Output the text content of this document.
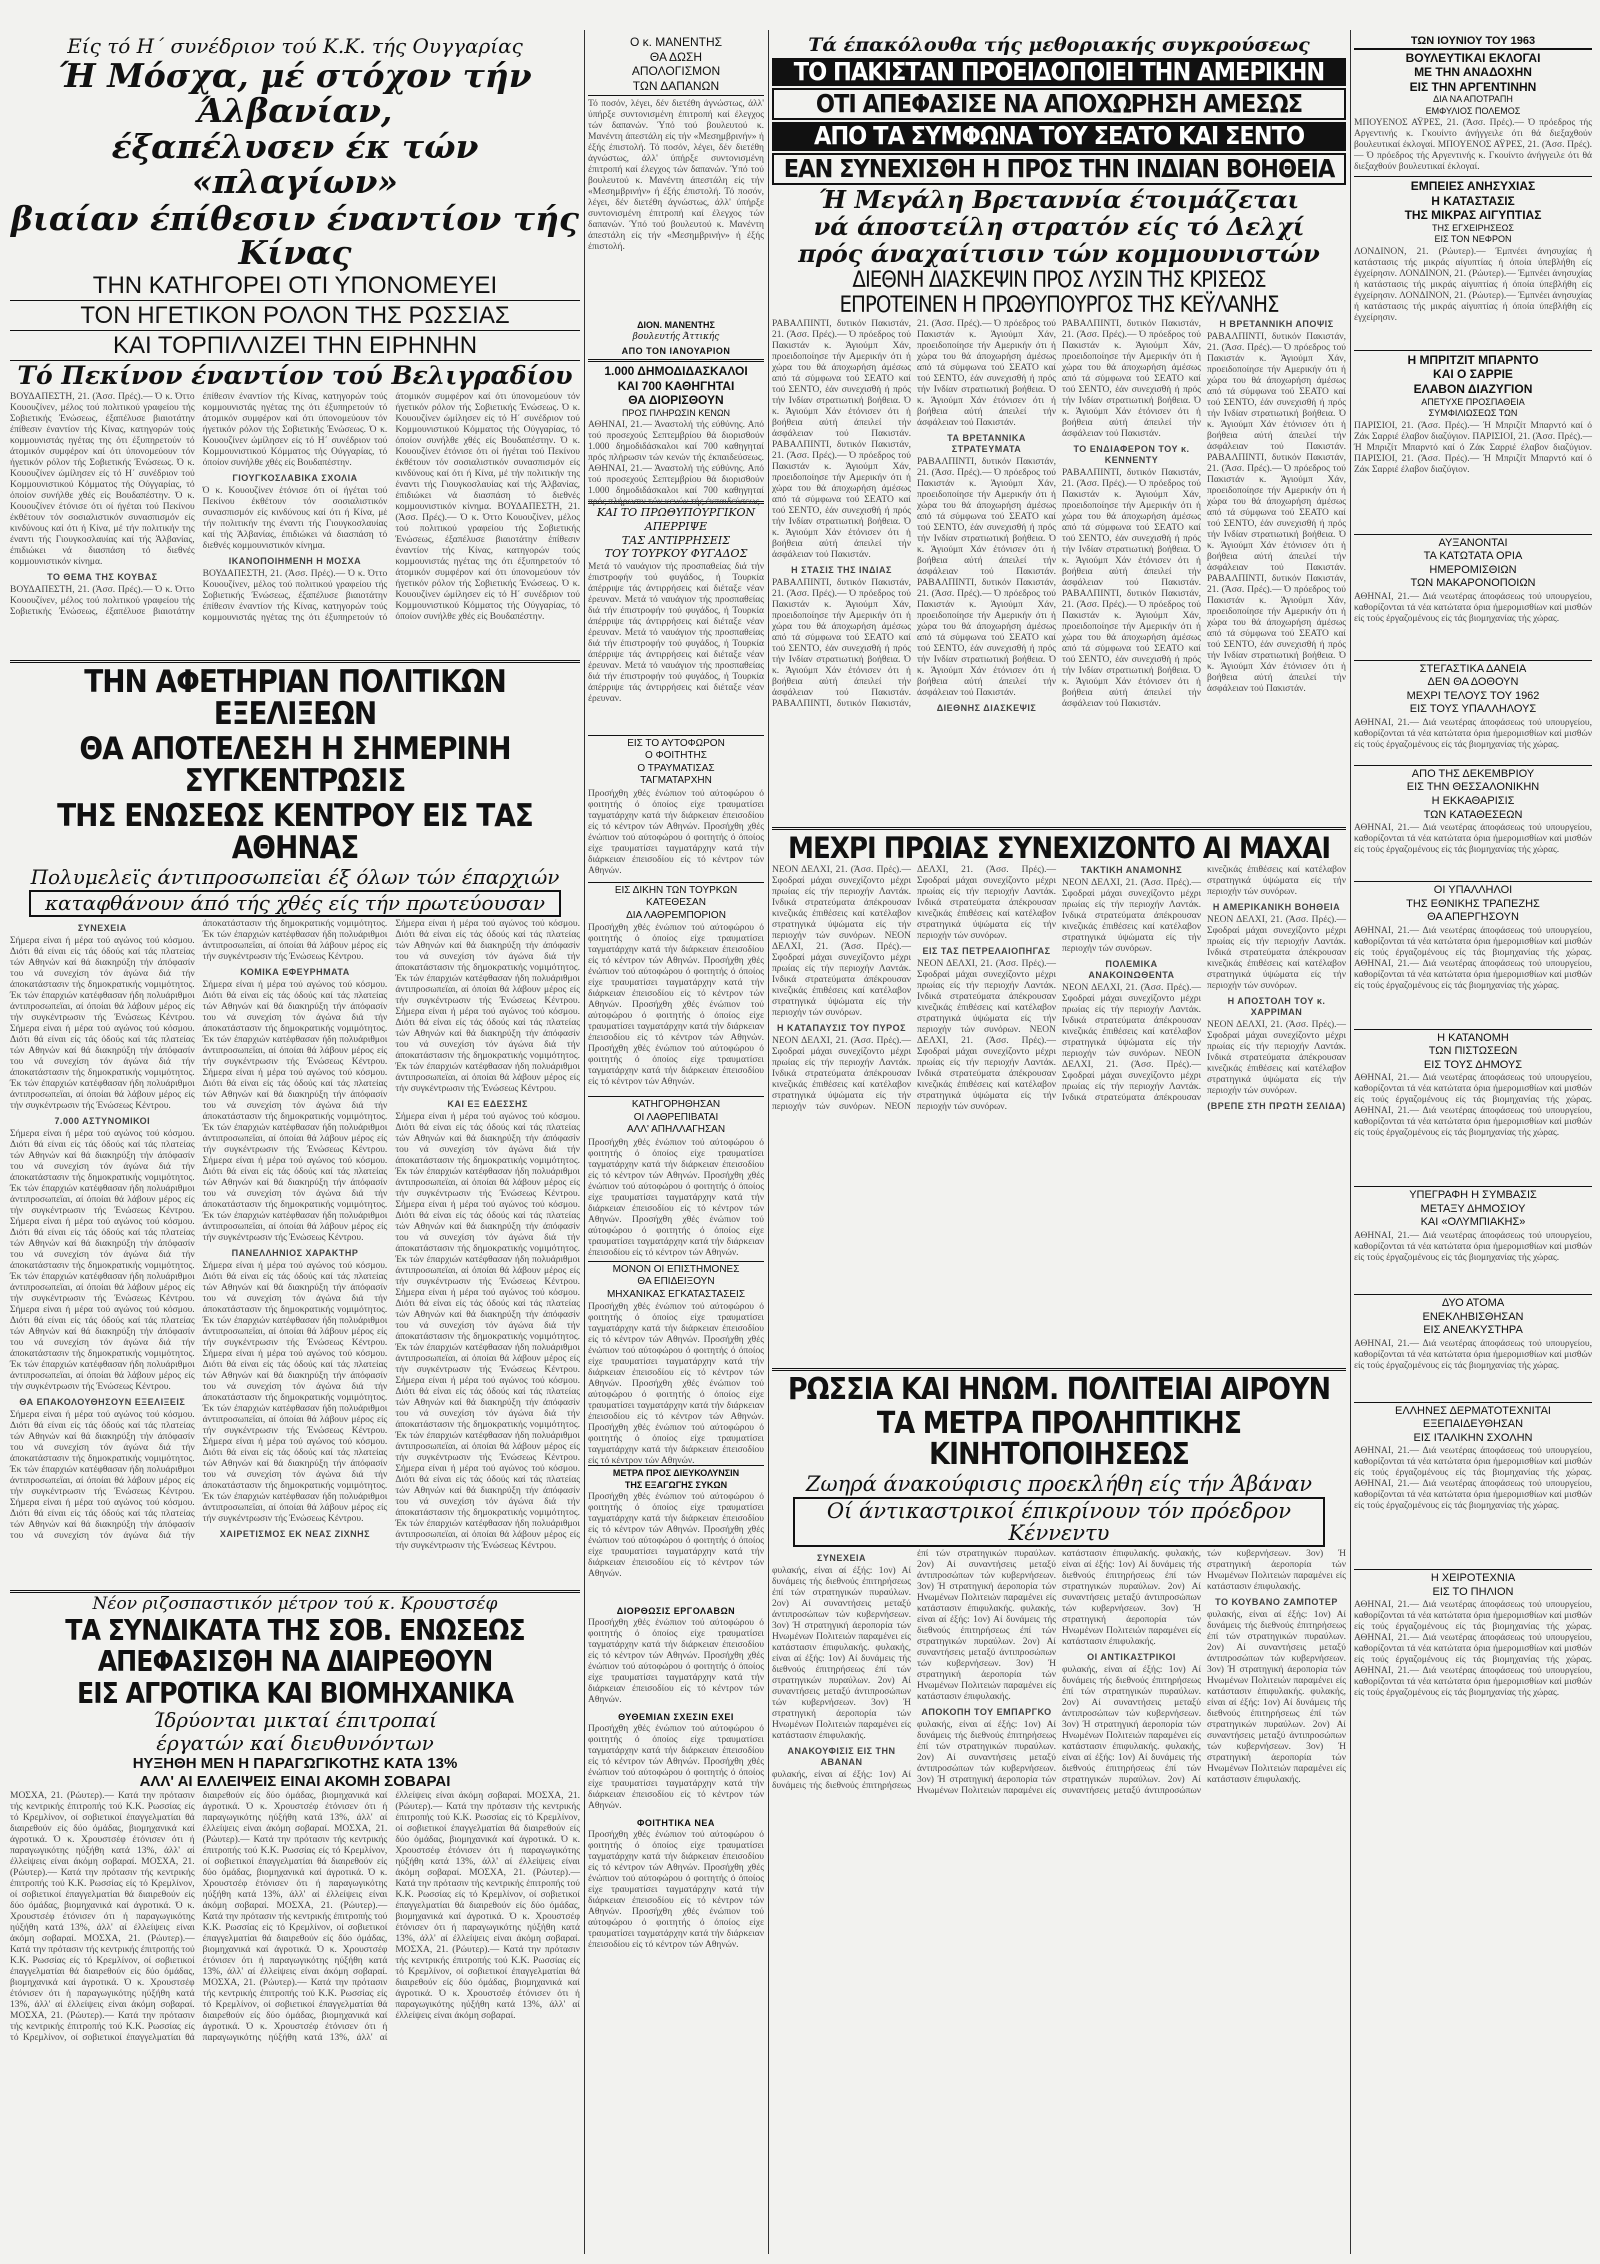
Είς τό Η΄ συνέδριον τού Κ.Κ. τής Ουγγαρίας
Ή Μόσχα, μέ στόχον τήν Άλβανίαν,
έξαπέλυσεν έκ τών «πλαγίων»
βιαίαν έπίθεσιν έναντίον τής Κίνας
ΤΗΝ ΚΑΤΗΓΟΡΕΙ ΟΤΙ ΥΠΟΝΟΜΕΥΕΙ
ΤΟΝ ΗΓΕΤΙΚΟΝ ΡΟΛΟΝ ΤΗΣ ΡΩΣΣΙΑΣ
ΚΑΙ ΤΟΡΠΙΛΛΙΖΕΙ ΤΗΝ ΕΙΡΗΝΗΝ
Τό Πεκίνον έναντίον τού Βελιγραδίου
ΒΟΥΔΑΠΕΣΤΗ, 21. (Άσσ. Πρές).— Ό κ. Όττο Κουουζίνεν, μέλος τού πολιτικού γραφείου τής Σοβιετικής Ένώσεως, έξαπέλυσε βιαιοτάτην έπίθεσιν έναντίον τής Κίνας, κατηγορών τούς κομμουνιστάς ηγέτας της ότι έξυπηρετούν τό άτομικόν συμφέρον καί ότι ύπονομεύουν τόν ήγετικόν ρόλον τής Σοβιετικής Ένώσεως. Ό κ. Κουουζίνεν ώμίλησεν είς τό Η΄ συνέδριον τού Κομμουνιστικού Κόμματος τής Ούγγαρίας, τό όποίον συνήλθε χθές είς Βουδαπέστην. Ό κ. Κουουζίνεν έτόνισε ότι οί ήγέται τού Πεκίνου έκθέτουν τόν σοσιαλιστικόν συνασπισμόν είς κινδύνους καί ότι ή Κίνα, μέ τήν πολιτικήν της έναντι τής Γιουγκοσλαυίας καί τής Άλβανίας, έπιδιώκει νά διασπάση τό διεθνές κομμουνιστικόν κίνημα.
ΤΟ ΘΕΜΑ ΤΗΣ ΚΟΥΒΑΣ
ΒΟΥΔΑΠΕΣΤΗ, 21. (Άσσ. Πρές).— Ό κ. Όττο Κουουζίνεν, μέλος τού πολιτικού γραφείου τής Σοβιετικής Ένώσεως, έξαπέλυσε βιαιοτάτην έπίθεσιν έναντίον τής Κίνας, κατηγορών τούς κομμουνιστάς ηγέτας της ότι έξυπηρετούν τό άτομικόν συμφέρον καί ότι ύπονομεύουν τόν ήγετικόν ρόλον τής Σοβιετικής Ένώσεως. Ό κ. Κουουζίνεν ώμίλησεν είς τό Η΄ συνέδριον τού Κομμουνιστικού Κόμματος τής Ούγγαρίας, τό όποίον συνήλθε χθές είς Βουδαπέστην.
ΓΙΟΥΓΚΟΣΛΑΒΙΚΑ ΣΧΟΛΙΑ
Ό κ. Κουουζίνεν έτόνισε ότι οί ήγέται τού Πεκίνου έκθέτουν τόν σοσιαλιστικόν συνασπισμόν είς κινδύνους καί ότι ή Κίνα, μέ τήν πολιτικήν της έναντι τής Γιουγκοσλαυίας καί τής Άλβανίας, έπιδιώκει νά διασπάση τό διεθνές κομμουνιστικόν κίνημα.
ΙΚΑΝΟΠΟΙΗΜΕΝΗ Η ΜΟΣΧΑ
ΒΟΥΔΑΠΕΣΤΗ, 21. (Άσσ. Πρές).— Ό κ. Όττο Κουουζίνεν, μέλος τού πολιτικού γραφείου τής Σοβιετικής Ένώσεως, έξαπέλυσε βιαιοτάτην έπίθεσιν έναντίον τής Κίνας, κατηγορών τούς κομμουνιστάς ηγέτας της ότι έξυπηρετούν τό άτομικόν συμφέρον καί ότι ύπονομεύουν τόν ήγετικόν ρόλον τής Σοβιετικής Ένώσεως. Ό κ. Κουουζίνεν ώμίλησεν είς τό Η΄ συνέδριον τού Κομμουνιστικού Κόμματος τής Ούγγαρίας, τό όποίον συνήλθε χθές είς Βουδαπέστην. Ό κ. Κουουζίνεν έτόνισε ότι οί ήγέται τού Πεκίνου έκθέτουν τόν σοσιαλιστικόν συνασπισμόν είς κινδύνους καί ότι ή Κίνα, μέ τήν πολιτικήν της έναντι τής Γιουγκοσλαυίας καί τής Άλβανίας, έπιδιώκει νά διασπάση τό διεθνές κομμουνιστικόν κίνημα. ΒΟΥΔΑΠΕΣΤΗ, 21. (Άσσ. Πρές).— Ό κ. Όττο Κουουζίνεν, μέλος τού πολιτικού γραφείου τής Σοβιετικής Ένώσεως, έξαπέλυσε βιαιοτάτην έπίθεσιν έναντίον τής Κίνας, κατηγορών τούς κομμουνιστάς ηγέτας της ότι έξυπηρετούν τό άτομικόν συμφέρον καί ότι ύπονομεύουν τόν ήγετικόν ρόλον τής Σοβιετικής Ένώσεως. Ό κ. Κουουζίνεν ώμίλησεν είς τό Η΄ συνέδριον τού Κομμουνιστικού Κόμματος τής Ούγγαρίας, τό όποίον συνήλθε χθές είς Βουδαπέστην.
ΤΗΝ ΑΦΕΤΗΡΙΑΝ ΠΟΛΙΤΙΚΩΝ ΕΞΕΛΙΞΕΩΝ
ΘΑ ΑΠΟΤΕΛΕΣΗ Η ΣΗΜΕΡΙΝΗ ΣΥΓΚΕΝΤΡΩΣΙΣ
ΤΗΣ ΕΝΩΣΕΩΣ ΚΕΝΤΡΟΥ ΕΙΣ ΤΑΣ ΑΘΗΝΑΣ
Πολυμελεϊς άντιπροσωπεϊαι έξ όλων τών έπαρχιών
καταφθάνουν άπό τής χθές είς τήν πρωτεύουσαν
ΣΥΝΕΧΕΙΑ
Σήμερα είναι ή μέρα τού αγώνος τού κόσμου. Διότι θά είναι είς τάς όδούς καί τάς πλατείας τών Αθηνών καί θά διακηρύξη τήν άπόφασίν του νά συνεχίση τόν άγώνα διά τήν άποκατάστασιν τής δημοκρατικής νομιμότητος. Έκ τών έπαρχιών κατέφθασαν ήδη πολυάριθμοι άντιπροσωπεϊαι, αί όποίαι θά λάβουν μέρος είς τήν συγκέντρωσιν τής Ένώσεως Κέντρου. Σήμερα είναι ή μέρα τού αγώνος τού κόσμου. Διότι θά είναι είς τάς όδούς καί τάς πλατείας τών Αθηνών καί θά διακηρύξη τήν άπόφασίν του νά συνεχίση τόν άγώνα διά τήν άποκατάστασιν τής δημοκρατικής νομιμότητος. Έκ τών έπαρχιών κατέφθασαν ήδη πολυάριθμοι άντιπροσωπεϊαι, αί όποίαι θά λάβουν μέρος είς τήν συγκέντρωσιν τής Ένώσεως Κέντρου.
7.000 ΑΣΤΥΝΟΜΙΚΟΙ
Σήμερα είναι ή μέρα τού αγώνος τού κόσμου. Διότι θά είναι είς τάς όδούς καί τάς πλατείας τών Αθηνών καί θά διακηρύξη τήν άπόφασίν του νά συνεχίση τόν άγώνα διά τήν άποκατάστασιν τής δημοκρατικής νομιμότητος. Έκ τών έπαρχιών κατέφθασαν ήδη πολυάριθμοι άντιπροσωπεϊαι, αί όποίαι θά λάβουν μέρος είς τήν συγκέντρωσιν τής Ένώσεως Κέντρου. Σήμερα είναι ή μέρα τού αγώνος τού κόσμου. Διότι θά είναι είς τάς όδούς καί τάς πλατείας τών Αθηνών καί θά διακηρύξη τήν άπόφασίν του νά συνεχίση τόν άγώνα διά τήν άποκατάστασιν τής δημοκρατικής νομιμότητος. Έκ τών έπαρχιών κατέφθασαν ήδη πολυάριθμοι άντιπροσωπεϊαι, αί όποίαι θά λάβουν μέρος είς τήν συγκέντρωσιν τής Ένώσεως Κέντρου. Σήμερα είναι ή μέρα τού αγώνος τού κόσμου. Διότι θά είναι είς τάς όδούς καί τάς πλατείας τών Αθηνών καί θά διακηρύξη τήν άπόφασίν του νά συνεχίση τόν άγώνα διά τήν άποκατάστασιν τής δημοκρατικής νομιμότητος. Έκ τών έπαρχιών κατέφθασαν ήδη πολυάριθμοι άντιπροσωπεϊαι, αί όποίαι θά λάβουν μέρος είς τήν συγκέντρωσιν τής Ένώσεως Κέντρου.
ΘΑ ΕΠΑΚΟΛΟΥΘΗΣΟΥΝ ΕΞΕΛΙΞΕΙΣ
Σήμερα είναι ή μέρα τού αγώνος τού κόσμου. Διότι θά είναι είς τάς όδούς καί τάς πλατείας τών Αθηνών καί θά διακηρύξη τήν άπόφασίν του νά συνεχίση τόν άγώνα διά τήν άποκατάστασιν τής δημοκρατικής νομιμότητος. Έκ τών έπαρχιών κατέφθασαν ήδη πολυάριθμοι άντιπροσωπεϊαι, αί όποίαι θά λάβουν μέρος είς τήν συγκέντρωσιν τής Ένώσεως Κέντρου. Σήμερα είναι ή μέρα τού αγώνος τού κόσμου. Διότι θά είναι είς τάς όδούς καί τάς πλατείας τών Αθηνών καί θά διακηρύξη τήν άπόφασίν του νά συνεχίση τόν άγώνα διά τήν άποκατάστασιν τής δημοκρατικής νομιμότητος. Έκ τών έπαρχιών κατέφθασαν ήδη πολυάριθμοι άντιπροσωπεϊαι, αί όποίαι θά λάβουν μέρος είς τήν συγκέντρωσιν τής Ένώσεως Κέντρου.
ΚΟΜΙΚΑ ΕΦΕΥΡΗΜΑΤΑ
Σήμερα είναι ή μέρα τού αγώνος τού κόσμου. Διότι θά είναι είς τάς όδούς καί τάς πλατείας τών Αθηνών καί θά διακηρύξη τήν άπόφασίν του νά συνεχίση τόν άγώνα διά τήν άποκατάστασιν τής δημοκρατικής νομιμότητος. Έκ τών έπαρχιών κατέφθασαν ήδη πολυάριθμοι άντιπροσωπεϊαι, αί όποίαι θά λάβουν μέρος είς τήν συγκέντρωσιν τής Ένώσεως Κέντρου. Σήμερα είναι ή μέρα τού αγώνος τού κόσμου. Διότι θά είναι είς τάς όδούς καί τάς πλατείας τών Αθηνών καί θά διακηρύξη τήν άπόφασίν του νά συνεχίση τόν άγώνα διά τήν άποκατάστασιν τής δημοκρατικής νομιμότητος. Έκ τών έπαρχιών κατέφθασαν ήδη πολυάριθμοι άντιπροσωπεϊαι, αί όποίαι θά λάβουν μέρος είς τήν συγκέντρωσιν τής Ένώσεως Κέντρου. Σήμερα είναι ή μέρα τού αγώνος τού κόσμου. Διότι θά είναι είς τάς όδούς καί τάς πλατείας τών Αθηνών καί θά διακηρύξη τήν άπόφασίν του νά συνεχίση τόν άγώνα διά τήν άποκατάστασιν τής δημοκρατικής νομιμότητος. Έκ τών έπαρχιών κατέφθασαν ήδη πολυάριθμοι άντιπροσωπεϊαι, αί όποίαι θά λάβουν μέρος είς τήν συγκέντρωσιν τής Ένώσεως Κέντρου.
ΠΑΝΕΛΛΗΝΙΟΣ ΧΑΡΑΚΤΗΡ
Σήμερα είναι ή μέρα τού αγώνος τού κόσμου. Διότι θά είναι είς τάς όδούς καί τάς πλατείας τών Αθηνών καί θά διακηρύξη τήν άπόφασίν του νά συνεχίση τόν άγώνα διά τήν άποκατάστασιν τής δημοκρατικής νομιμότητος. Έκ τών έπαρχιών κατέφθασαν ήδη πολυάριθμοι άντιπροσωπεϊαι, αί όποίαι θά λάβουν μέρος είς τήν συγκέντρωσιν τής Ένώσεως Κέντρου. Σήμερα είναι ή μέρα τού αγώνος τού κόσμου. Διότι θά είναι είς τάς όδούς καί τάς πλατείας τών Αθηνών καί θά διακηρύξη τήν άπόφασίν του νά συνεχίση τόν άγώνα διά τήν άποκατάστασιν τής δημοκρατικής νομιμότητος. Έκ τών έπαρχιών κατέφθασαν ήδη πολυάριθμοι άντιπροσωπεϊαι, αί όποίαι θά λάβουν μέρος είς τήν συγκέντρωσιν τής Ένώσεως Κέντρου. Σήμερα είναι ή μέρα τού αγώνος τού κόσμου. Διότι θά είναι είς τάς όδούς καί τάς πλατείας τών Αθηνών καί θά διακηρύξη τήν άπόφασίν του νά συνεχίση τόν άγώνα διά τήν άποκατάστασιν τής δημοκρατικής νομιμότητος. Έκ τών έπαρχιών κατέφθασαν ήδη πολυάριθμοι άντιπροσωπεϊαι, αί όποίαι θά λάβουν μέρος είς τήν συγκέντρωσιν τής Ένώσεως Κέντρου.
ΧΑΙΡΕΤΙΣΜΟΣ ΕΚ ΝΕΑΣ ΖΙΧΝΗΣ
Σήμερα είναι ή μέρα τού αγώνος τού κόσμου. Διότι θά είναι είς τάς όδούς καί τάς πλατείας τών Αθηνών καί θά διακηρύξη τήν άπόφασίν του νά συνεχίση τόν άγώνα διά τήν άποκατάστασιν τής δημοκρατικής νομιμότητος. Έκ τών έπαρχιών κατέφθασαν ήδη πολυάριθμοι άντιπροσωπεϊαι, αί όποίαι θά λάβουν μέρος είς τήν συγκέντρωσιν τής Ένώσεως Κέντρου. Σήμερα είναι ή μέρα τού αγώνος τού κόσμου. Διότι θά είναι είς τάς όδούς καί τάς πλατείας τών Αθηνών καί θά διακηρύξη τήν άπόφασίν του νά συνεχίση τόν άγώνα διά τήν άποκατάστασιν τής δημοκρατικής νομιμότητος. Έκ τών έπαρχιών κατέφθασαν ήδη πολυάριθμοι άντιπροσωπεϊαι, αί όποίαι θά λάβουν μέρος είς τήν συγκέντρωσιν τής Ένώσεως Κέντρου.
ΚΑΙ ΕΞ ΕΔΕΣΣΗΣ
Σήμερα είναι ή μέρα τού αγώνος τού κόσμου. Διότι θά είναι είς τάς όδούς καί τάς πλατείας τών Αθηνών καί θά διακηρύξη τήν άπόφασίν του νά συνεχίση τόν άγώνα διά τήν άποκατάστασιν τής δημοκρατικής νομιμότητος. Έκ τών έπαρχιών κατέφθασαν ήδη πολυάριθμοι άντιπροσωπεϊαι, αί όποίαι θά λάβουν μέρος είς τήν συγκέντρωσιν τής Ένώσεως Κέντρου. Σήμερα είναι ή μέρα τού αγώνος τού κόσμου. Διότι θά είναι είς τάς όδούς καί τάς πλατείας τών Αθηνών καί θά διακηρύξη τήν άπόφασίν του νά συνεχίση τόν άγώνα διά τήν άποκατάστασιν τής δημοκρατικής νομιμότητος. Έκ τών έπαρχιών κατέφθασαν ήδη πολυάριθμοι άντιπροσωπεϊαι, αί όποίαι θά λάβουν μέρος είς τήν συγκέντρωσιν τής Ένώσεως Κέντρου. Σήμερα είναι ή μέρα τού αγώνος τού κόσμου. Διότι θά είναι είς τάς όδούς καί τάς πλατείας τών Αθηνών καί θά διακηρύξη τήν άπόφασίν του νά συνεχίση τόν άγώνα διά τήν άποκατάστασιν τής δημοκρατικής νομιμότητος. Έκ τών έπαρχιών κατέφθασαν ήδη πολυάριθμοι άντιπροσωπεϊαι, αί όποίαι θά λάβουν μέρος είς τήν συγκέντρωσιν τής Ένώσεως Κέντρου. Σήμερα είναι ή μέρα τού αγώνος τού κόσμου. Διότι θά είναι είς τάς όδούς καί τάς πλατείας τών Αθηνών καί θά διακηρύξη τήν άπόφασίν του νά συνεχίση τόν άγώνα διά τήν άποκατάστασιν τής δημοκρατικής νομιμότητος. Έκ τών έπαρχιών κατέφθασαν ήδη πολυάριθμοι άντιπροσωπεϊαι, αί όποίαι θά λάβουν μέρος είς τήν συγκέντρωσιν τής Ένώσεως Κέντρου. Σήμερα είναι ή μέρα τού αγώνος τού κόσμου. Διότι θά είναι είς τάς όδούς καί τάς πλατείας τών Αθηνών καί θά διακηρύξη τήν άπόφασίν του νά συνεχίση τόν άγώνα διά τήν άποκατάστασιν τής δημοκρατικής νομιμότητος. Έκ τών έπαρχιών κατέφθασαν ήδη πολυάριθμοι άντιπροσωπεϊαι, αί όποίαι θά λάβουν μέρος είς τήν συγκέντρωσιν τής Ένώσεως Κέντρου.
Νέον ριζοσπαστικόν μέτρον τού κ. Κρουστσέφ
ΤΑ ΣΥΝΔΙΚΑΤΑ ΤΗΣ ΣΟΒ. ΕΝΩΣΕΩΣ
ΑΠΕΦΑΣΙΣΘΗ ΝΑ ΔΙΑΙΡΕΘΟΥΝ
ΕΙΣ ΑΓΡΟΤΙΚΑ ΚΑΙ ΒΙΟΜΗΧΑΝΙΚΑ
Ίδρύονται μικταί έπιτροπαί
έργατών καί διευθυνόντων
ΗΥΞΗΘΗ ΜΕΝ Η ΠΑΡΑΓΩΓΙΚΟΤΗΣ ΚΑΤΑ 13%
ΑΛΛ' ΑΙ ΕΛΛΕΙΨΕΙΣ ΕΙΝΑΙ ΑΚΟΜΗ ΣΟΒΑΡΑΙ
ΜΟΣΧΑ, 21. (Ρώυτερ).— Κατά την πρότασιν τής κεντρικής έπιτροπής τού Κ.Κ. Ρωσσίας είς τό Κρεμλίνον, οί σοβιετικοί έπαγγελματίαι θά διαιρεθούν είς δύο όμάδας, βιομηχανικά καί άγροτικά. Ό κ. Χρουστσέφ έτόνισεν ότι ή παραγωγικότης ηύξήθη κατά 13%, άλλ' αί έλλείψεις είναι άκόμη σοβαραί. ΜΟΣΧΑ, 21. (Ρώυτερ).— Κατά την πρότασιν τής κεντρικής έπιτροπής τού Κ.Κ. Ρωσσίας είς τό Κρεμλίνον, οί σοβιετικοί έπαγγελματίαι θά διαιρεθούν είς δύο όμάδας, βιομηχανικά καί άγροτικά. Ό κ. Χρουστσέφ έτόνισεν ότι ή παραγωγικότης ηύξήθη κατά 13%, άλλ' αί έλλείψεις είναι άκόμη σοβαραί. ΜΟΣΧΑ, 21. (Ρώυτερ).— Κατά την πρότασιν τής κεντρικής έπιτροπής τού Κ.Κ. Ρωσσίας είς τό Κρεμλίνον, οί σοβιετικοί έπαγγελματίαι θά διαιρεθούν είς δύο όμάδας, βιομηχανικά καί άγροτικά. Ό κ. Χρουστσέφ έτόνισεν ότι ή παραγωγικότης ηύξήθη κατά 13%, άλλ' αί έλλείψεις είναι άκόμη σοβαραί. ΜΟΣΧΑ, 21. (Ρώυτερ).— Κατά την πρότασιν τής κεντρικής έπιτροπής τού Κ.Κ. Ρωσσίας είς τό Κρεμλίνον, οί σοβιετικοί έπαγγελματίαι θά διαιρεθούν είς δύο όμάδας, βιομηχανικά καί άγροτικά. Ό κ. Χρουστσέφ έτόνισεν ότι ή παραγωγικότης ηύξήθη κατά 13%, άλλ' αί έλλείψεις είναι άκόμη σοβαραί. ΜΟΣΧΑ, 21. (Ρώυτερ).— Κατά την πρότασιν τής κεντρικής έπιτροπής τού Κ.Κ. Ρωσσίας είς τό Κρεμλίνον, οί σοβιετικοί έπαγγελματίαι θά διαιρεθούν είς δύο όμάδας, βιομηχανικά καί άγροτικά. Ό κ. Χρουστσέφ έτόνισεν ότι ή παραγωγικότης ηύξήθη κατά 13%, άλλ' αί έλλείψεις είναι άκόμη σοβαραί. ΜΟΣΧΑ, 21. (Ρώυτερ).— Κατά την πρότασιν τής κεντρικής έπιτροπής τού Κ.Κ. Ρωσσίας είς τό Κρεμλίνον, οί σοβιετικοί έπαγγελματίαι θά διαιρεθούν είς δύο όμάδας, βιομηχανικά καί άγροτικά. Ό κ. Χρουστσέφ έτόνισεν ότι ή παραγωγικότης ηύξήθη κατά 13%, άλλ' αί έλλείψεις είναι άκόμη σοβαραί. ΜΟΣΧΑ, 21. (Ρώυτερ).— Κατά την πρότασιν τής κεντρικής έπιτροπής τού Κ.Κ. Ρωσσίας είς τό Κρεμλίνον, οί σοβιετικοί έπαγγελματίαι θά διαιρεθούν είς δύο όμάδας, βιομηχανικά καί άγροτικά. Ό κ. Χρουστσέφ έτόνισεν ότι ή παραγωγικότης ηύξήθη κατά 13%, άλλ' αί έλλείψεις είναι άκόμη σοβαραί. ΜΟΣΧΑ, 21. (Ρώυτερ).— Κατά την πρότασιν τής κεντρικής έπιτροπής τού Κ.Κ. Ρωσσίας είς τό Κρεμλίνον, οί σοβιετικοί έπαγγελματίαι θά διαιρεθούν είς δύο όμάδας, βιομηχανικά καί άγροτικά. Ό κ. Χρουστσέφ έτόνισεν ότι ή παραγωγικότης ηύξήθη κατά 13%, άλλ' αί έλλείψεις είναι άκόμη σοβαραί. ΜΟΣΧΑ, 21. (Ρώυτερ).— Κατά την πρότασιν τής κεντρικής έπιτροπής τού Κ.Κ. Ρωσσίας είς τό Κρεμλίνον, οί σοβιετικοί έπαγγελματίαι θά διαιρεθούν είς δύο όμάδας, βιομηχανικά καί άγροτικά. Ό κ. Χρουστσέφ έτόνισεν ότι ή παραγωγικότης ηύξήθη κατά 13%, άλλ' αί έλλείψεις είναι άκόμη σοβαραί. ΜΟΣΧΑ, 21. (Ρώυτερ).— Κατά την πρότασιν τής κεντρικής έπιτροπής τού Κ.Κ. Ρωσσίας είς τό Κρεμλίνον, οί σοβιετικοί έπαγγελματίαι θά διαιρεθούν είς δύο όμάδας, βιομηχανικά καί άγροτικά. Ό κ. Χρουστσέφ έτόνισεν ότι ή παραγωγικότης ηύξήθη κατά 13%, άλλ' αί έλλείψεις είναι άκόμη σοβαραί.
Ο κ. ΜΑΝΕΝΤΗΣ
ΘΑ ΔΩΣΗ
ΑΠΟΛΟΓΙΣΜΟΝ
ΤΩΝ ΔΑΠΑΝΩΝ
Τό ποσόν, λέγει, δέν διετέθη άγνώστως, άλλ' ύπήρξε συντονισμένη έπιτροπή καί έλεγχος τών δαπανών. Ύπό τού βουλευτού κ. Μανέντη άπεστάλη είς τήν «Μεσημβρινήν» ή έξής έπιστολή. Τό ποσόν, λέγει, δέν διετέθη άγνώστως, άλλ' ύπήρξε συντονισμένη έπιτροπή καί έλεγχος τών δαπανών. Ύπό τού βουλευτού κ. Μανέντη άπεστάλη είς τήν «Μεσημβρινήν» ή έξής έπιστολή. Τό ποσόν, λέγει, δέν διετέθη άγνώστως, άλλ' ύπήρξε συντονισμένη έπιτροπή καί έλεγχος τών δαπανών. Ύπό τού βουλευτού κ. Μανέντη άπεστάλη είς τήν «Μεσημβρινήν» ή έξής έπιστολή.
ΔΙΟΝ. ΜΑΝΕΝΤΗΣ
βουλευτής Άττικής
ΑΠΟ ΤΟΝ ΙΑΝΟΥΑΡΙΟΝ
1.000 ΔΗΜΟΔΙΔΑΣΚΑΛΟΙ
ΚΑΙ 700 ΚΑΘΗΓΗΤΑΙ
ΘΑ ΔΙΟΡΙΣΘΟΥΝ
ΠΡΟΣ ΠΛΗΡΩΣΙΝ ΚΕΝΩΝ
ΑΘΗΝΑΙ, 21.— Άναστολή τής εύθύνης. Από τού προσεχούς Σεπτεμβρίου θά διορισθούν 1.000 δημοδιδάσκαλοι καί 700 καθηγηταί πρός πλήρωσιν τών κενών τής έκπαιδεύσεως. ΑΘΗΝΑΙ, 21.— Άναστολή τής εύθύνης. Από τού προσεχούς Σεπτεμβρίου θά διορισθούν 1.000 δημοδιδάσκαλοι καί 700 καθηγηταί πρός πλήρωσιν τών κενών τής έκπαιδεύσεως.
ΚΑΙ ΤΟ ΠΡΩΘΥΠΟΥΡΓΙΚΟΝ
ΑΠΕΡΡΙΨΕ
ΤΑΣ ΑΝΤΙΡΡΗΣΕΙΣ
ΤΟΥ ΤΟΥΡΚΟΥ ΦΥΓΑΔΟΣ
Μετά τό ναυάγιον τής προσπαθείας διά τήν έπιστροφήν τού φυγάδος, ή Τουρκία άπέρριψε τάς άντιρρήσεις καί διέταξε νέαν έρευναν. Μετά τό ναυάγιον τής προσπαθείας διά τήν έπιστροφήν τού φυγάδος, ή Τουρκία άπέρριψε τάς άντιρρήσεις καί διέταξε νέαν έρευναν. Μετά τό ναυάγιον τής προσπαθείας διά τήν έπιστροφήν τού φυγάδος, ή Τουρκία άπέρριψε τάς άντιρρήσεις καί διέταξε νέαν έρευναν. Μετά τό ναυάγιον τής προσπαθείας διά τήν έπιστροφήν τού φυγάδος, ή Τουρκία άπέρριψε τάς άντιρρήσεις καί διέταξε νέαν έρευναν.
ΕΙΣ ΤΟ ΑΥΤΟΦΩΡΟΝ
Ο ΦΟΙΤΗΤΗΣ
Ο ΤΡΑΥΜΑΤΙΣΑΣ
ΤΑΓΜΑΤΑΡΧΗΝ
Προσήχθη χθές ένώπιον τού αύτοφώρου ό φοιτητής ό όποίος είχε τραυματίσει ταγματάρχην κατά τήν διάρκειαν έπεισοδίου είς τό κέντρον τών Αθηνών. Προσήχθη χθές ένώπιον τού αύτοφώρου ό φοιτητής ό όποίος είχε τραυματίσει ταγματάρχην κατά τήν διάρκειαν έπεισοδίου είς τό κέντρον τών Αθηνών.
ΕΙΣ ΔΙΚΗΝ ΤΩΝ ΤΟΥΡΚΩΝ
ΚΑΤΕΘΕΣΑΝ
ΔΙΑ ΛΑΘΡΕΜΠΟΡΙΟΝ
Προσήχθη χθές ένώπιον τού αύτοφώρου ό φοιτητής ό όποίος είχε τραυματίσει ταγματάρχην κατά τήν διάρκειαν έπεισοδίου είς τό κέντρον τών Αθηνών. Προσήχθη χθές ένώπιον τού αύτοφώρου ό φοιτητής ό όποίος είχε τραυματίσει ταγματάρχην κατά τήν διάρκειαν έπεισοδίου είς τό κέντρον τών Αθηνών. Προσήχθη χθές ένώπιον τού αύτοφώρου ό φοιτητής ό όποίος είχε τραυματίσει ταγματάρχην κατά τήν διάρκειαν έπεισοδίου είς τό κέντρον τών Αθηνών. Προσήχθη χθές ένώπιον τού αύτοφώρου ό φοιτητής ό όποίος είχε τραυματίσει ταγματάρχην κατά τήν διάρκειαν έπεισοδίου είς τό κέντρον τών Αθηνών.
ΚΑΤΗΓΟΡΗΘΗΣΑΝ
ΟΙ ΛΑΘΡΕΠΙΒΑΤΑΙ
ΑΛΛ' ΑΠΗΛΛΑΓΗΣΑΝ
Προσήχθη χθές ένώπιον τού αύτοφώρου ό φοιτητής ό όποίος είχε τραυματίσει ταγματάρχην κατά τήν διάρκειαν έπεισοδίου είς τό κέντρον τών Αθηνών. Προσήχθη χθές ένώπιον τού αύτοφώρου ό φοιτητής ό όποίος είχε τραυματίσει ταγματάρχην κατά τήν διάρκειαν έπεισοδίου είς τό κέντρον τών Αθηνών. Προσήχθη χθές ένώπιον τού αύτοφώρου ό φοιτητής ό όποίος είχε τραυματίσει ταγματάρχην κατά τήν διάρκειαν έπεισοδίου είς τό κέντρον τών Αθηνών.
ΜΟΝΟΝ ΟΙ ΕΠΙΣΤΗΜΟΝΕΣ
ΘΑ ΕΠΙΔΕΙΞΟΥΝ
ΜΗΧΑΝΙΚΑΣ ΕΓΚΑΤΑΣΤΑΣΕΙΣ
Προσήχθη χθές ένώπιον τού αύτοφώρου ό φοιτητής ό όποίος είχε τραυματίσει ταγματάρχην κατά τήν διάρκειαν έπεισοδίου είς τό κέντρον τών Αθηνών. Προσήχθη χθές ένώπιον τού αύτοφώρου ό φοιτητής ό όποίος είχε τραυματίσει ταγματάρχην κατά τήν διάρκειαν έπεισοδίου είς τό κέντρον τών Αθηνών. Προσήχθη χθές ένώπιον τού αύτοφώρου ό φοιτητής ό όποίος είχε τραυματίσει ταγματάρχην κατά τήν διάρκειαν έπεισοδίου είς τό κέντρον τών Αθηνών. Προσήχθη χθές ένώπιον τού αύτοφώρου ό φοιτητής ό όποίος είχε τραυματίσει ταγματάρχην κατά τήν διάρκειαν έπεισοδίου είς τό κέντρον τών Αθηνών.
ΜΕΤΡΑ ΠΡΟΣ ΔΙΕΥΚΟΛΥΝΣΙΝ
ΤΗΣ ΕΞΑΓΩΓΗΣ ΣΥΚΩΝ
Προσήχθη χθές ένώπιον τού αύτοφώρου ό φοιτητής ό όποίος είχε τραυματίσει ταγματάρχην κατά τήν διάρκειαν έπεισοδίου είς τό κέντρον τών Αθηνών. Προσήχθη χθές ένώπιον τού αύτοφώρου ό φοιτητής ό όποίος είχε τραυματίσει ταγματάρχην κατά τήν διάρκειαν έπεισοδίου είς τό κέντρον τών Αθηνών.
ΔΙΟΡΘΩΣΙΣ ΕΡΓΟΛΑΒΩΝ
Προσήχθη χθές ένώπιον τού αύτοφώρου ό φοιτητής ό όποίος είχε τραυματίσει ταγματάρχην κατά τήν διάρκειαν έπεισοδίου είς τό κέντρον τών Αθηνών. Προσήχθη χθές ένώπιον τού αύτοφώρου ό φοιτητής ό όποίος είχε τραυματίσει ταγματάρχην κατά τήν διάρκειαν έπεισοδίου είς τό κέντρον τών Αθηνών.
ΘΥΘΕΜΙΑΝ ΣΧΕΣΙΝ ΕΧΕΙ
Προσήχθη χθές ένώπιον τού αύτοφώρου ό φοιτητής ό όποίος είχε τραυματίσει ταγματάρχην κατά τήν διάρκειαν έπεισοδίου είς τό κέντρον τών Αθηνών. Προσήχθη χθές ένώπιον τού αύτοφώρου ό φοιτητής ό όποίος είχε τραυματίσει ταγματάρχην κατά τήν διάρκειαν έπεισοδίου είς τό κέντρον τών Αθηνών.
ΦΟΙΤΗΤΙΚΑ ΝΕΑ
Προσήχθη χθές ένώπιον τού αύτοφώρου ό φοιτητής ό όποίος είχε τραυματίσει ταγματάρχην κατά τήν διάρκειαν έπεισοδίου είς τό κέντρον τών Αθηνών. Προσήχθη χθές ένώπιον τού αύτοφώρου ό φοιτητής ό όποίος είχε τραυματίσει ταγματάρχην κατά τήν διάρκειαν έπεισοδίου είς τό κέντρον τών Αθηνών. Προσήχθη χθές ένώπιον τού αύτοφώρου ό φοιτητής ό όποίος είχε τραυματίσει ταγματάρχην κατά τήν διάρκειαν έπεισοδίου είς τό κέντρον τών Αθηνών.
Τά έπακόλουθα τής μεθοριακής συγκρούσεως
ΤΟ ΠΑΚΙΣΤΑΝ ΠΡΟΕΙΔΟΠΟΙΕΙ ΤΗΝ ΑΜΕΡΙΚΗΝ
ΟΤΙ ΑΠΕΦΑΣΙΣΕ ΝΑ ΑΠΟΧΩΡΗΣΗ ΑΜΕΣΩΣ
ΑΠΟ ΤΑ ΣΥΜΦΩΝΑ ΤΟΥ ΣΕΑΤΟ ΚΑΙ ΣΕΝΤΟ
ΕΑΝ ΣΥΝΕΧΙΣΘΗ Η ΠΡΟΣ ΤΗΝ ΙΝΔΙΑΝ ΒΟΗΘΕΙΑ
Ή Μεγάλη Βρεταννία έτοιμάζεται
νά άποστείλη στρατόν είς τό Δελχί
πρός άναχαίτισιν τών κομμουνιστών
ΔΙΕΘΝΗ ΔΙΑΣΚΕΨΙΝ ΠΡΟΣ ΛΥΣΙΝ ΤΗΣ ΚΡΙΣΕΩΣ
ΕΠΡΟΤΕΙΝΕΝ Η ΠΡΩΘΥΠΟΥΡΓΟΣ ΤΗΣ ΚΕΫΛΑΝΗΣ
ΡΑΒΑΛΠΙΝΤΙ, δυτικόν Πακιστάν, 21. (Άσσ. Πρές).— Ό πρόεδρος τού Πακιστάν κ. Άγιούμπ Χάν, προειδοποίησε τήν Αμερικήν ότι ή χώρα του θά άποχωρήση άμέσως από τά σύμφωνα τού ΣΕΑΤΟ καί τού ΣΕΝΤΟ, έάν συνεχισθή ή πρός τήν Ινδίαν στρατιωτική βοήθεια. Ό κ. Άγιούμπ Χάν έτόνισεν ότι ή βοήθεια αύτή άπειλεί τήν άσφάλειαν τού Πακιστάν. ΡΑΒΑΛΠΙΝΤΙ, δυτικόν Πακιστάν, 21. (Άσσ. Πρές).— Ό πρόεδρος τού Πακιστάν κ. Άγιούμπ Χάν, προειδοποίησε τήν Αμερικήν ότι ή χώρα του θά άποχωρήση άμέσως από τά σύμφωνα τού ΣΕΑΤΟ καί τού ΣΕΝΤΟ, έάν συνεχισθή ή πρός τήν Ινδίαν στρατιωτική βοήθεια. Ό κ. Άγιούμπ Χάν έτόνισεν ότι ή βοήθεια αύτή άπειλεί τήν άσφάλειαν τού Πακιστάν.
Η ΣΤΑΣΙΣ ΤΗΣ ΙΝΔΙΑΣ
ΡΑΒΑΛΠΙΝΤΙ, δυτικόν Πακιστάν, 21. (Άσσ. Πρές).— Ό πρόεδρος τού Πακιστάν κ. Άγιούμπ Χάν, προειδοποίησε τήν Αμερικήν ότι ή χώρα του θά άποχωρήση άμέσως από τά σύμφωνα τού ΣΕΑΤΟ καί τού ΣΕΝΤΟ, έάν συνεχισθή ή πρός τήν Ινδίαν στρατιωτική βοήθεια. Ό κ. Άγιούμπ Χάν έτόνισεν ότι ή βοήθεια αύτή άπειλεί τήν άσφάλειαν τού Πακιστάν. ΡΑΒΑΛΠΙΝΤΙ, δυτικόν Πακιστάν, 21. (Άσσ. Πρές).— Ό πρόεδρος τού Πακιστάν κ. Άγιούμπ Χάν, προειδοποίησε τήν Αμερικήν ότι ή χώρα του θά άποχωρήση άμέσως από τά σύμφωνα τού ΣΕΑΤΟ καί τού ΣΕΝΤΟ, έάν συνεχισθή ή πρός τήν Ινδίαν στρατιωτική βοήθεια. Ό κ. Άγιούμπ Χάν έτόνισεν ότι ή βοήθεια αύτή άπειλεί τήν άσφάλειαν τού Πακιστάν.
ΤΑ ΒΡΕΤΑΝΝΙΚΑ ΣΤΡΑΤΕΥΜΑΤΑ
ΡΑΒΑΛΠΙΝΤΙ, δυτικόν Πακιστάν, 21. (Άσσ. Πρές).— Ό πρόεδρος τού Πακιστάν κ. Άγιούμπ Χάν, προειδοποίησε τήν Αμερικήν ότι ή χώρα του θά άποχωρήση άμέσως από τά σύμφωνα τού ΣΕΑΤΟ καί τού ΣΕΝΤΟ, έάν συνεχισθή ή πρός τήν Ινδίαν στρατιωτική βοήθεια. Ό κ. Άγιούμπ Χάν έτόνισεν ότι ή βοήθεια αύτή άπειλεί τήν άσφάλειαν τού Πακιστάν. ΡΑΒΑΛΠΙΝΤΙ, δυτικόν Πακιστάν, 21. (Άσσ. Πρές).— Ό πρόεδρος τού Πακιστάν κ. Άγιούμπ Χάν, προειδοποίησε τήν Αμερικήν ότι ή χώρα του θά άποχωρήση άμέσως από τά σύμφωνα τού ΣΕΑΤΟ καί τού ΣΕΝΤΟ, έάν συνεχισθή ή πρός τήν Ινδίαν στρατιωτική βοήθεια. Ό κ. Άγιούμπ Χάν έτόνισεν ότι ή βοήθεια αύτή άπειλεί τήν άσφάλειαν τού Πακιστάν.
ΔΙΕΘΝΗΣ ΔΙΑΣΚΕΨΙΣ
ΡΑΒΑΛΠΙΝΤΙ, δυτικόν Πακιστάν, 21. (Άσσ. Πρές).— Ό πρόεδρος τού Πακιστάν κ. Άγιούμπ Χάν, προειδοποίησε τήν Αμερικήν ότι ή χώρα του θά άποχωρήση άμέσως από τά σύμφωνα τού ΣΕΑΤΟ καί τού ΣΕΝΤΟ, έάν συνεχισθή ή πρός τήν Ινδίαν στρατιωτική βοήθεια. Ό κ. Άγιούμπ Χάν έτόνισεν ότι ή βοήθεια αύτή άπειλεί τήν άσφάλειαν τού Πακιστάν.
ΤΟ ΕΝΔΙΑΦΕΡΟΝ ΤΟΥ κ. ΚΕΝΝΕΝΤΥ
ΡΑΒΑΛΠΙΝΤΙ, δυτικόν Πακιστάν, 21. (Άσσ. Πρές).— Ό πρόεδρος τού Πακιστάν κ. Άγιούμπ Χάν, προειδοποίησε τήν Αμερικήν ότι ή χώρα του θά άποχωρήση άμέσως από τά σύμφωνα τού ΣΕΑΤΟ καί τού ΣΕΝΤΟ, έάν συνεχισθή ή πρός τήν Ινδίαν στρατιωτική βοήθεια. Ό κ. Άγιούμπ Χάν έτόνισεν ότι ή βοήθεια αύτή άπειλεί τήν άσφάλειαν τού Πακιστάν. ΡΑΒΑΛΠΙΝΤΙ, δυτικόν Πακιστάν, 21. (Άσσ. Πρές).— Ό πρόεδρος τού Πακιστάν κ. Άγιούμπ Χάν, προειδοποίησε τήν Αμερικήν ότι ή χώρα του θά άποχωρήση άμέσως από τά σύμφωνα τού ΣΕΑΤΟ καί τού ΣΕΝΤΟ, έάν συνεχισθή ή πρός τήν Ινδίαν στρατιωτική βοήθεια. Ό κ. Άγιούμπ Χάν έτόνισεν ότι ή βοήθεια αύτή άπειλεί τήν άσφάλειαν τού Πακιστάν.
Η ΒΡΕΤΑΝΝΙΚΗ ΑΠΟΨΙΣ
ΡΑΒΑΛΠΙΝΤΙ, δυτικόν Πακιστάν, 21. (Άσσ. Πρές).— Ό πρόεδρος τού Πακιστάν κ. Άγιούμπ Χάν, προειδοποίησε τήν Αμερικήν ότι ή χώρα του θά άποχωρήση άμέσως από τά σύμφωνα τού ΣΕΑΤΟ καί τού ΣΕΝΤΟ, έάν συνεχισθή ή πρός τήν Ινδίαν στρατιωτική βοήθεια. Ό κ. Άγιούμπ Χάν έτόνισεν ότι ή βοήθεια αύτή άπειλεί τήν άσφάλειαν τού Πακιστάν. ΡΑΒΑΛΠΙΝΤΙ, δυτικόν Πακιστάν, 21. (Άσσ. Πρές).— Ό πρόεδρος τού Πακιστάν κ. Άγιούμπ Χάν, προειδοποίησε τήν Αμερικήν ότι ή χώρα του θά άποχωρήση άμέσως από τά σύμφωνα τού ΣΕΑΤΟ καί τού ΣΕΝΤΟ, έάν συνεχισθή ή πρός τήν Ινδίαν στρατιωτική βοήθεια. Ό κ. Άγιούμπ Χάν έτόνισεν ότι ή βοήθεια αύτή άπειλεί τήν άσφάλειαν τού Πακιστάν. ΡΑΒΑΛΠΙΝΤΙ, δυτικόν Πακιστάν, 21. (Άσσ. Πρές).— Ό πρόεδρος τού Πακιστάν κ. Άγιούμπ Χάν, προειδοποίησε τήν Αμερικήν ότι ή χώρα του θά άποχωρήση άμέσως από τά σύμφωνα τού ΣΕΑΤΟ καί τού ΣΕΝΤΟ, έάν συνεχισθή ή πρός τήν Ινδίαν στρατιωτική βοήθεια. Ό κ. Άγιούμπ Χάν έτόνισεν ότι ή βοήθεια αύτή άπειλεί τήν άσφάλειαν τού Πακιστάν.
ΜΕΧΡΙ ΠΡΩΙΑΣ ΣΥΝΕΧΙΖΟΝΤΟ ΑΙ ΜΑΧΑΙ
ΝΕΟΝ ΔΕΛΧΙ, 21. (Άσσ. Πρές).— Σφοδραί μάχαι συνεχίζοντο μέχρι πρωίας είς τήν περιοχήν Λαντάκ. Ινδικά στρατεύματα άπέκρουσαν κινεζικάς έπιθέσεις καί κατέλαβον στρατηγικά ύψώματα είς τήν περιοχήν τών συνόρων. ΝΕΟΝ ΔΕΛΧΙ, 21. (Άσσ. Πρές).— Σφοδραί μάχαι συνεχίζοντο μέχρι πρωίας είς τήν περιοχήν Λαντάκ. Ινδικά στρατεύματα άπέκρουσαν κινεζικάς έπιθέσεις καί κατέλαβον στρατηγικά ύψώματα είς τήν περιοχήν τών συνόρων.
Η ΚΑΤΑΠΑΥΣΙΣ ΤΟΥ ΠΥΡΟΣ
ΝΕΟΝ ΔΕΛΧΙ, 21. (Άσσ. Πρές).— Σφοδραί μάχαι συνεχίζοντο μέχρι πρωίας είς τήν περιοχήν Λαντάκ. Ινδικά στρατεύματα άπέκρουσαν κινεζικάς έπιθέσεις καί κατέλαβον στρατηγικά ύψώματα είς τήν περιοχήν τών συνόρων. ΝΕΟΝ ΔΕΛΧΙ, 21. (Άσσ. Πρές).— Σφοδραί μάχαι συνεχίζοντο μέχρι πρωίας είς τήν περιοχήν Λαντάκ. Ινδικά στρατεύματα άπέκρουσαν κινεζικάς έπιθέσεις καί κατέλαβον στρατηγικά ύψώματα είς τήν περιοχήν τών συνόρων.
ΕΙΣ ΤΑΣ ΠΕΤΡΕΛΑΙΟΠΗΓΑΣ
ΝΕΟΝ ΔΕΛΧΙ, 21. (Άσσ. Πρές).— Σφοδραί μάχαι συνεχίζοντο μέχρι πρωίας είς τήν περιοχήν Λαντάκ. Ινδικά στρατεύματα άπέκρουσαν κινεζικάς έπιθέσεις καί κατέλαβον στρατηγικά ύψώματα είς τήν περιοχήν τών συνόρων. ΝΕΟΝ ΔΕΛΧΙ, 21. (Άσσ. Πρές).— Σφοδραί μάχαι συνεχίζοντο μέχρι πρωίας είς τήν περιοχήν Λαντάκ. Ινδικά στρατεύματα άπέκρουσαν κινεζικάς έπιθέσεις καί κατέλαβον στρατηγικά ύψώματα είς τήν περιοχήν τών συνόρων.
ΤΑΚΤΙΚΗ ΑΝΑΜΟΝΗΣ
ΝΕΟΝ ΔΕΛΧΙ, 21. (Άσσ. Πρές).— Σφοδραί μάχαι συνεχίζοντο μέχρι πρωίας είς τήν περιοχήν Λαντάκ. Ινδικά στρατεύματα άπέκρουσαν κινεζικάς έπιθέσεις καί κατέλαβον στρατηγικά ύψώματα είς τήν περιοχήν τών συνόρων.
ΠΟΛΕΜΙΚΑ ΑΝΑΚΟΙΝΩΘΕΝΤΑ
ΝΕΟΝ ΔΕΛΧΙ, 21. (Άσσ. Πρές).— Σφοδραί μάχαι συνεχίζοντο μέχρι πρωίας είς τήν περιοχήν Λαντάκ. Ινδικά στρατεύματα άπέκρουσαν κινεζικάς έπιθέσεις καί κατέλαβον στρατηγικά ύψώματα είς τήν περιοχήν τών συνόρων. ΝΕΟΝ ΔΕΛΧΙ, 21. (Άσσ. Πρές).— Σφοδραί μάχαι συνεχίζοντο μέχρι πρωίας είς τήν περιοχήν Λαντάκ. Ινδικά στρατεύματα άπέκρουσαν κινεζικάς έπιθέσεις καί κατέλαβον στρατηγικά ύψώματα είς τήν περιοχήν τών συνόρων.
Η ΑΜΕΡΙΚΑΝΙΚΗ ΒΟΗΘΕΙΑ
ΝΕΟΝ ΔΕΛΧΙ, 21. (Άσσ. Πρές).— Σφοδραί μάχαι συνεχίζοντο μέχρι πρωίας είς τήν περιοχήν Λαντάκ. Ινδικά στρατεύματα άπέκρουσαν κινεζικάς έπιθέσεις καί κατέλαβον στρατηγικά ύψώματα είς τήν περιοχήν τών συνόρων.
Η ΑΠΟΣΤΟΛΗ ΤΟΥ κ. ΧΑΡΡΙΜΑΝ
ΝΕΟΝ ΔΕΛΧΙ, 21. (Άσσ. Πρές).— Σφοδραί μάχαι συνεχίζοντο μέχρι πρωίας είς τήν περιοχήν Λαντάκ. Ινδικά στρατεύματα άπέκρουσαν κινεζικάς έπιθέσεις καί κατέλαβον στρατηγικά ύψώματα είς τήν περιοχήν τών συνόρων.
(ΒΡΕΠΕ ΣΤΗ ΠΡΩΤΗ ΣΕΛΙΔΑ)
ΡΩΣΣΙΑ ΚΑΙ ΗΝΩΜ. ΠΟΛΙΤΕΙΑΙ ΑΙΡΟΥΝ
ΤΑ ΜΕΤΡΑ ΠΡΟΛΗΠΤΙΚΗΣ ΚΙΝΗΤΟΠΟΙΗΣΕΩΣ
Ζωηρά άνακούφισις προεκλήθη είς τήν Άβάναν
Οί άντικαστρικοί έπικρίνουν τόν πρόεδρον Κέννεντυ
ΣΥΝΕΧΕΙΑ
φυλακής, είναι αί έξής: 1ον) Αί δυνάμεις τής διεθνούς έπιτηρήσεως έπί τών στρατηγικών πυραύλων. 2ον) Αί συναντήσεις μεταξύ άντιπροσώπων τών κυβερνήσεων. 3ον) Ή στρατηγική άεροπορία τών Ηνωμένων Πολιτειών παραμένει είς κατάστασιν έπιφυλακής. φυλακής, είναι αί έξής: 1ον) Αί δυνάμεις τής διεθνούς έπιτηρήσεως έπί τών στρατηγικών πυραύλων. 2ον) Αί συναντήσεις μεταξύ άντιπροσώπων τών κυβερνήσεων. 3ον) Ή στρατηγική άεροπορία τών Ηνωμένων Πολιτειών παραμένει είς κατάστασιν έπιφυλακής.
ΑΝΑΚΟΥΦΙΣΙΣ ΕΙΣ ΤΗΝ ΑΒΑΝΑΝ
φυλακής, είναι αί έξής: 1ον) Αί δυνάμεις τής διεθνούς έπιτηρήσεως έπί τών στρατηγικών πυραύλων. 2ον) Αί συναντήσεις μεταξύ άντιπροσώπων τών κυβερνήσεων. 3ον) Ή στρατηγική άεροπορία τών Ηνωμένων Πολιτειών παραμένει είς κατάστασιν έπιφυλακής. φυλακής, είναι αί έξής: 1ον) Αί δυνάμεις τής διεθνούς έπιτηρήσεως έπί τών στρατηγικών πυραύλων. 2ον) Αί συναντήσεις μεταξύ άντιπροσώπων τών κυβερνήσεων. 3ον) Ή στρατηγική άεροπορία τών Ηνωμένων Πολιτειών παραμένει είς κατάστασιν έπιφυλακής.
ΑΠΟΚΟΠΗ ΤΟΥ ΕΜΠΑΡΓΚΟ
φυλακής, είναι αί έξής: 1ον) Αί δυνάμεις τής διεθνούς έπιτηρήσεως έπί τών στρατηγικών πυραύλων. 2ον) Αί συναντήσεις μεταξύ άντιπροσώπων τών κυβερνήσεων. 3ον) Ή στρατηγική άεροπορία τών Ηνωμένων Πολιτειών παραμένει είς κατάστασιν έπιφυλακής. φυλακής, είναι αί έξής: 1ον) Αί δυνάμεις τής διεθνούς έπιτηρήσεως έπί τών στρατηγικών πυραύλων. 2ον) Αί συναντήσεις μεταξύ άντιπροσώπων τών κυβερνήσεων. 3ον) Ή στρατηγική άεροπορία τών Ηνωμένων Πολιτειών παραμένει είς κατάστασιν έπιφυλακής.
ΟΙ ΑΝΤΙΚΑΣΤΡΙΚΟΙ
φυλακής, είναι αί έξής: 1ον) Αί δυνάμεις τής διεθνούς έπιτηρήσεως έπί τών στρατηγικών πυραύλων. 2ον) Αί συναντήσεις μεταξύ άντιπροσώπων τών κυβερνήσεων. 3ον) Ή στρατηγική άεροπορία τών Ηνωμένων Πολιτειών παραμένει είς κατάστασιν έπιφυλακής. φυλακής, είναι αί έξής: 1ον) Αί δυνάμεις τής διεθνούς έπιτηρήσεως έπί τών στρατηγικών πυραύλων. 2ον) Αί συναντήσεις μεταξύ άντιπροσώπων τών κυβερνήσεων. 3ον) Ή στρατηγική άεροπορία τών Ηνωμένων Πολιτειών παραμένει είς κατάστασιν έπιφυλακής.
ΤΟ ΚΟΥΒΑΝΟ ΖΑΜΠΟΤΕΡ
φυλακής, είναι αί έξής: 1ον) Αί δυνάμεις τής διεθνούς έπιτηρήσεως έπί τών στρατηγικών πυραύλων. 2ον) Αί συναντήσεις μεταξύ άντιπροσώπων τών κυβερνήσεων. 3ον) Ή στρατηγική άεροπορία τών Ηνωμένων Πολιτειών παραμένει είς κατάστασιν έπιφυλακής. φυλακής, είναι αί έξής: 1ον) Αί δυνάμεις τής διεθνούς έπιτηρήσεως έπί τών στρατηγικών πυραύλων. 2ον) Αί συναντήσεις μεταξύ άντιπροσώπων τών κυβερνήσεων. 3ον) Ή στρατηγική άεροπορία τών Ηνωμένων Πολιτειών παραμένει είς κατάστασιν έπιφυλακής.
ΤΩΝ ΙΟΥΝΙΟΥ ΤΟΥ 1963
ΒΟΥΛΕΥΤΙΚΑΙ ΕΚΛΟΓΑΙ
ΜΕ ΤΗΝ ΑΝΑΔΟΧΗΝ
ΕΙΣ ΤΗΝ ΑΡΓΕΝΤΙΝΗΝ
ΔΙΑ ΝΑ ΑΠΟΤΡΑΠΗ
ΕΜΦΥΛΙΟΣ ΠΟΛΕΜΟΣ
ΜΠΟΥΕΝΟΣ ΑΫΡΕΣ, 21. (Άσσ. Πρές).— Ό πρόεδρος τής Αργεντινής κ. Γκουίντο άνήγγειλε ότι θά διεξαχθούν βουλευτικαί έκλογαί. ΜΠΟΥΕΝΟΣ ΑΫΡΕΣ, 21. (Άσσ. Πρές).— Ό πρόεδρος τής Αργεντινής κ. Γκουίντο άνήγγειλε ότι θά διεξαχθούν βουλευτικαί έκλογαί.
ΕΜΠΕΙΕΣ ΑΝΗΣΥΧΙΑΣ
Η ΚΑΤΑΣΤΑΣΙΣ
ΤΗΣ ΜΙΚΡΑΣ ΑΙΓΥΠΤΙΑΣ
ΤΗΣ ΕΓΧΕΙΡΗΣΕΩΣ
ΕΙΣ ΤΟΝ ΝΕΦΡΟΝ
ΛΟΝΔΙΝΟΝ, 21. (Ρώυτερ).— Έμπνέει άνησυχίας ή κατάστασις τής μικράς αίγυπτίας ή όποία ύπεβλήθη είς έγχείρησιν. ΛΟΝΔΙΝΟΝ, 21. (Ρώυτερ).— Έμπνέει άνησυχίας ή κατάστασις τής μικράς αίγυπτίας ή όποία ύπεβλήθη είς έγχείρησιν. ΛΟΝΔΙΝΟΝ, 21. (Ρώυτερ).— Έμπνέει άνησυχίας ή κατάστασις τής μικράς αίγυπτίας ή όποία ύπεβλήθη είς έγχείρησιν.
Η ΜΠΡΙΤΖΙΤ ΜΠΑΡΝΤΟ
ΚΑΙ Ο ΣΑΡΡΙΕ
ΕΛΑΒΟΝ ΔΙΑΖΥΓΙΟΝ
ΑΠΕΤΥΧΕ ΠΡΟΣΠΑΘΕΙΑ
ΣΥΜΦΙΛΙΩΣΕΩΣ ΤΩΝ
ΠΑΡΙΣΙΟΙ, 21. (Άσσ. Πρές).— Ή Μπριζίτ Μπαρντό καί ό Ζάκ Σαρριέ έλαβον διαζύγιον. ΠΑΡΙΣΙΟΙ, 21. (Άσσ. Πρές).— Ή Μπριζίτ Μπαρντό καί ό Ζάκ Σαρριέ έλαβον διαζύγιον. ΠΑΡΙΣΙΟΙ, 21. (Άσσ. Πρές).— Ή Μπριζίτ Μπαρντό καί ό Ζάκ Σαρριέ έλαβον διαζύγιον.
ΑΥΞΑΝΟΝΤΑΙ
ΤΑ ΚΑΤΩΤΑΤΑ ΟΡΙΑ
ΗΜΕΡΟΜΙΣΘΙΩΝ
ΤΩΝ ΜΑΚΑΡΟΝΟΠΟΙΩΝ
ΑΘΗΝΑΙ, 21.— Διά νεωτέρας άποφάσεως τού υπουργείου, καθορίζονται τά νέα κατώτατα όρια ήμερομισθίων καί μισθών είς τούς έργαζομένους είς τάς βιομηχανίας τής χώρας.
ΣΤΕΓΑΣΤΙΚΑ ΔΑΝΕΙΑ
ΔΕΝ ΘΑ ΔΟΘΟΥΝ
ΜΕΧΡΙ ΤΕΛΟΥΣ ΤΟΥ 1962
ΕΙΣ ΤΟΥΣ ΥΠΑΛΛΗΛΟΥΣ
ΑΘΗΝΑΙ, 21.— Διά νεωτέρας άποφάσεως τού υπουργείου, καθορίζονται τά νέα κατώτατα όρια ήμερομισθίων καί μισθών είς τούς έργαζομένους είς τάς βιομηχανίας τής χώρας.
ΑΠΟ ΤΗΣ ΔΕΚΕΜΒΡΙΟΥ
ΕΙΣ ΤΗΝ ΘΕΣΣΑΛΟΝΙΚΗΝ
Η ΕΚΚΑΘΑΡΙΣΙΣ
ΤΩΝ ΚΑΤΑΘΕΣΕΩΝ
ΑΘΗΝΑΙ, 21.— Διά νεωτέρας άποφάσεως τού υπουργείου, καθορίζονται τά νέα κατώτατα όρια ήμερομισθίων καί μισθών είς τούς έργαζομένους είς τάς βιομηχανίας τής χώρας.
ΟΙ ΥΠΑΛΛΗΛΟΙ
ΤΗΣ ΕΘΝΙΚΗΣ ΤΡΑΠΕΖΗΣ
ΘΑ ΑΠΕΡΓΗΣΟΥΝ
ΑΘΗΝΑΙ, 21.— Διά νεωτέρας άποφάσεως τού υπουργείου, καθορίζονται τά νέα κατώτατα όρια ήμερομισθίων καί μισθών είς τούς έργαζομένους είς τάς βιομηχανίας τής χώρας. ΑΘΗΝΑΙ, 21.— Διά νεωτέρας άποφάσεως τού υπουργείου, καθορίζονται τά νέα κατώτατα όρια ήμερομισθίων καί μισθών είς τούς έργαζομένους είς τάς βιομηχανίας τής χώρας.
Η ΚΑΤΑΝΟΜΗ
ΤΩΝ ΠΙΣΤΩΣΕΩΝ
ΕΙΣ ΤΟΥΣ ΔΗΜΟΥΣ
ΑΘΗΝΑΙ, 21.— Διά νεωτέρας άποφάσεως τού υπουργείου, καθορίζονται τά νέα κατώτατα όρια ήμερομισθίων καί μισθών είς τούς έργαζομένους είς τάς βιομηχανίας τής χώρας. ΑΘΗΝΑΙ, 21.— Διά νεωτέρας άποφάσεως τού υπουργείου, καθορίζονται τά νέα κατώτατα όρια ήμερομισθίων καί μισθών είς τούς έργαζομένους είς τάς βιομηχανίας τής χώρας.
ΥΠΕΓΡΑΦΗ Η ΣΥΜΒΑΣΙΣ
ΜΕΤΑΞΥ ΔΗΜΟΣΙΟΥ
ΚΑΙ «ΟΛΥΜΠΙΑΚΗΣ»
ΑΘΗΝΑΙ, 21.— Διά νεωτέρας άποφάσεως τού υπουργείου, καθορίζονται τά νέα κατώτατα όρια ήμερομισθίων καί μισθών είς τούς έργαζομένους είς τάς βιομηχανίας τής χώρας.
ΔΥΟ ΑΤΟΜΑ
ΕΝΕΚΛΗΒΙΣΘΗΣΑΝ
ΕΙΣ ΑΝΕΛΚΥΣΤΗΡΑ
ΑΘΗΝΑΙ, 21.— Διά νεωτέρας άποφάσεως τού υπουργείου, καθορίζονται τά νέα κατώτατα όρια ήμερομισθίων καί μισθών είς τούς έργαζομένους είς τάς βιομηχανίας τής χώρας.
ΕΛΛΗΝΕΣ ΔΕΡΜΑΤΟΤΕΧΝΙΤΑΙ
ΕΞΕΠΑΙΔΕΥΘΗΣΑΝ
ΕΙΣ ΙΤΑΛΙΚΗΝ ΣΧΟΛΗΝ
ΑΘΗΝΑΙ, 21.— Διά νεωτέρας άποφάσεως τού υπουργείου, καθορίζονται τά νέα κατώτατα όρια ήμερομισθίων καί μισθών είς τούς έργαζομένους είς τάς βιομηχανίας τής χώρας. ΑΘΗΝΑΙ, 21.— Διά νεωτέρας άποφάσεως τού υπουργείου, καθορίζονται τά νέα κατώτατα όρια ήμερομισθίων καί μισθών είς τούς έργαζομένους είς τάς βιομηχανίας τής χώρας.
Η ΧΕΙΡΟΤΕΧΝΙΑ
ΕΙΣ ΤΟ ΠΗΛΙΟΝ
ΑΘΗΝΑΙ, 21.— Διά νεωτέρας άποφάσεως τού υπουργείου, καθορίζονται τά νέα κατώτατα όρια ήμερομισθίων καί μισθών είς τούς έργαζομένους είς τάς βιομηχανίας τής χώρας. ΑΘΗΝΑΙ, 21.— Διά νεωτέρας άποφάσεως τού υπουργείου, καθορίζονται τά νέα κατώτατα όρια ήμερομισθίων καί μισθών είς τούς έργαζομένους είς τάς βιομηχανίας τής χώρας. ΑΘΗΝΑΙ, 21.— Διά νεωτέρας άποφάσεως τού υπουργείου, καθορίζονται τά νέα κατώτατα όρια ήμερομισθίων καί μισθών είς τούς έργαζομένους είς τάς βιομηχανίας τής χώρας.
